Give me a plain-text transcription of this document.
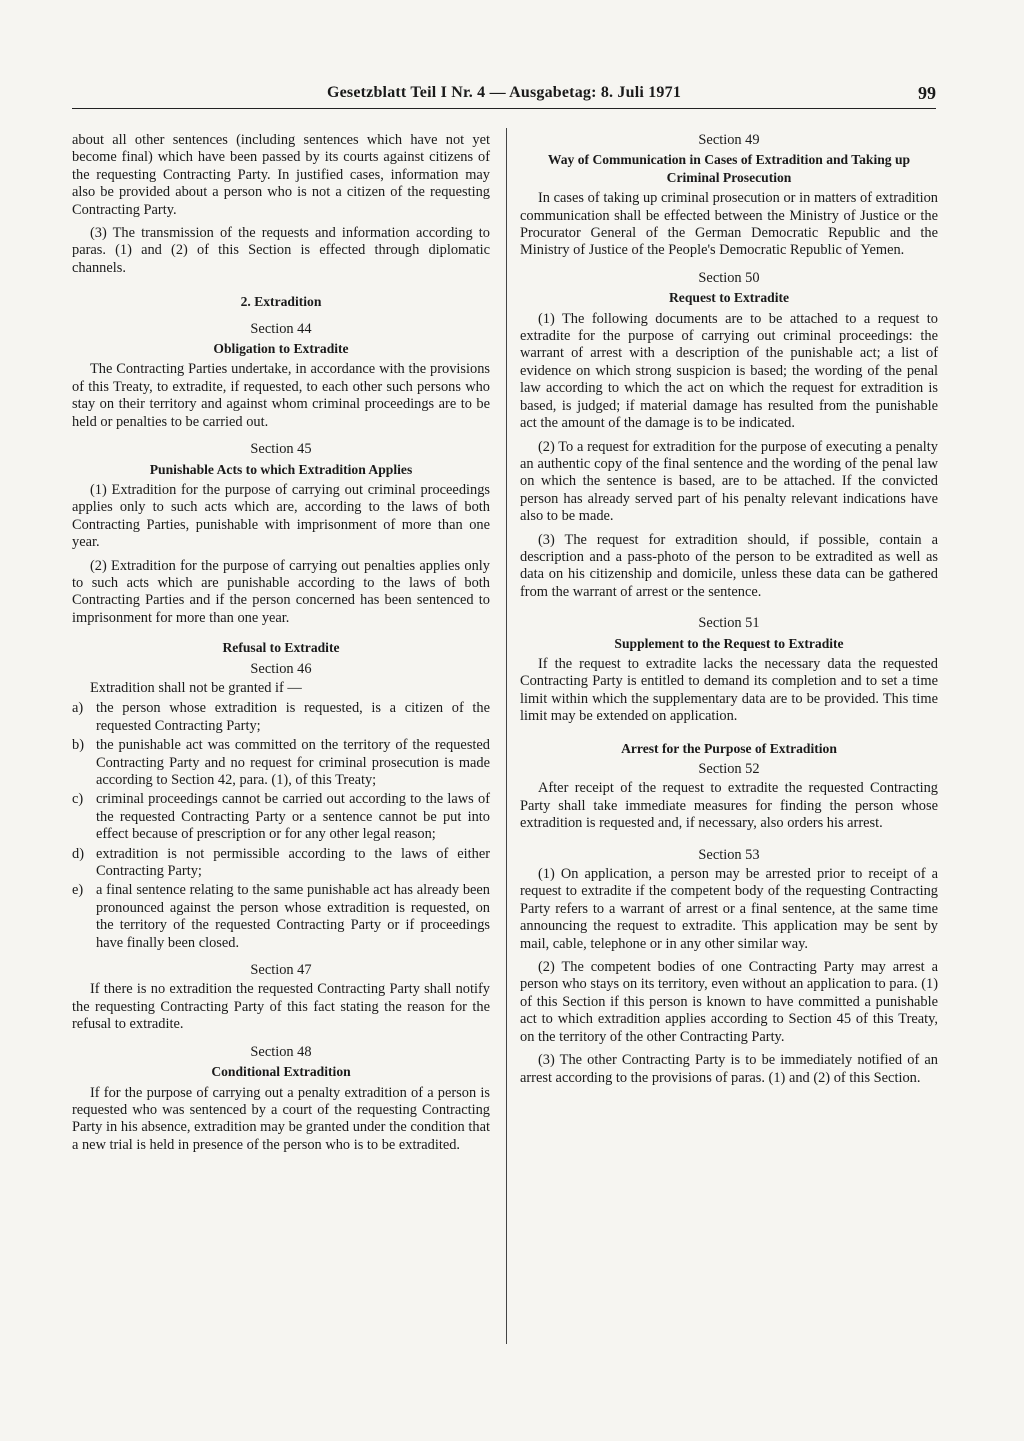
Gesetzblatt Teil I Nr. 4 — Ausgabetag: 8. Juli 1971	99

about all other sentences (including sentences which have not yet become final) which have been passed by its courts against citizens of the requesting Contracting Party. In justified cases, information may also be provided about a person who is not a citizen of the requesting Contracting Party.

(3) The transmission of the requests and information according to paras. (1) and (2) of this Section is effected through diplomatic channels.

2. Extradition
Section 44
Obligation to Extradite

The Contracting Parties undertake, in accordance with the provisions of this Treaty, to extradite, if requested, to each other such persons who stay on their territory and against whom criminal proceedings are to be held or penalties to be carried out.

Section 45
Punishable Acts to which Extradition Applies

(1) Extradition for the purpose of carrying out criminal proceedings applies only to such acts which are, according to the laws of both Contracting Parties, punishable with imprisonment of more than one year.

(2) Extradition for the purpose of carrying out penalties applies only to such acts which are punishable according to the laws of both Contracting Parties and if the person concerned has been sentenced to imprisonment for more than one year.

Refusal to Extradite
Section 46

Extradition shall not be granted if —

a) the person whose extradition is requested, is a citizen of the requested Contracting Party;
b) the punishable act was committed on the territory of the requested Contracting Party and no request for criminal prosecution is made according to Section 42, para. (1), of this Treaty;
c) criminal proceedings cannot be carried out according to the laws of the requested Contracting Party or a sentence cannot be put into effect because of prescription or for any other legal reason;
d) extradition is not permissible according to the laws of either Contracting Party;
e) a final sentence relating to the same punishable act has already been pronounced against the person whose extradition is requested, on the territory of the requested Contracting Party or if proceedings have finally been closed.
Section 47

If there is no extradition the requested Contracting Party shall notify the requesting Contracting Party of this fact stating the reason for the refusal to extradite.

Section 48
Conditional Extradition

If for the purpose of carrying out a penalty extradition of a person is requested who was sentenced by a court of the requesting Contracting Party in his absence, extradition may be granted under the condition that a new trial is held in presence of the person who is to be extradited.

Section 49
Way of Communication in Cases of Extradition and Taking up Criminal Prosecution

In cases of taking up criminal prosecution or in matters of extradition communication shall be effected between the Ministry of Justice or the Procurator General of the German Democratic Republic and the Ministry of Justice of the People's Democratic Republic of Yemen.

Section 50
Request to Extradite

(1) The following documents are to be attached to a request to extradite for the purpose of carrying out criminal proceedings: the warrant of arrest with a description of the punishable act; a list of evidence on which strong suspicion is based; the wording of the penal law according to which the act on which the request for extradition is based, is judged; if material damage has resulted from the punishable act the amount of the damage is to be indicated.

(2) To a request for extradition for the purpose of executing a penalty an authentic copy of the final sentence and the wording of the penal law on which the sentence is based, are to be attached. If the convicted person has already served part of his penalty relevant indications have also to be made.

(3) The request for extradition should, if possible, contain a description and a pass-photo of the person to be extradited as well as data on his citizenship and domicile, unless these data can be gathered from the warrant of arrest or the sentence.

Section 51
Supplement to the Request to Extradite

If the request to extradite lacks the necessary data the requested Contracting Party is entitled to demand its completion and to set a time limit within which the supplementary data are to be provided. This time limit may be extended on application.

Arrest for the Purpose of Extradition
Section 52

After receipt of the request to extradite the requested Contracting Party shall take immediate measures for finding the person whose extradition is requested and, if necessary, also orders his arrest.

Section 53

(1) On application, a person may be arrested prior to receipt of a request to extradite if the competent body of the requesting Contracting Party refers to a warrant of arrest or a final sentence, at the same time announcing the request to extradite. This application may be sent by mail, cable, telephone or in any other similar way.

(2) The competent bodies of one Contracting Party may arrest a person who stays on its territory, even without an application to para. (1) of this Section if this person is known to have committed a punishable act to which extradition applies according to Section 45 of this Treaty, on the territory of the other Contracting Party.

(3) The other Contracting Party is to be immediately notified of an arrest according to the provisions of paras. (1) and (2) of this Section.
